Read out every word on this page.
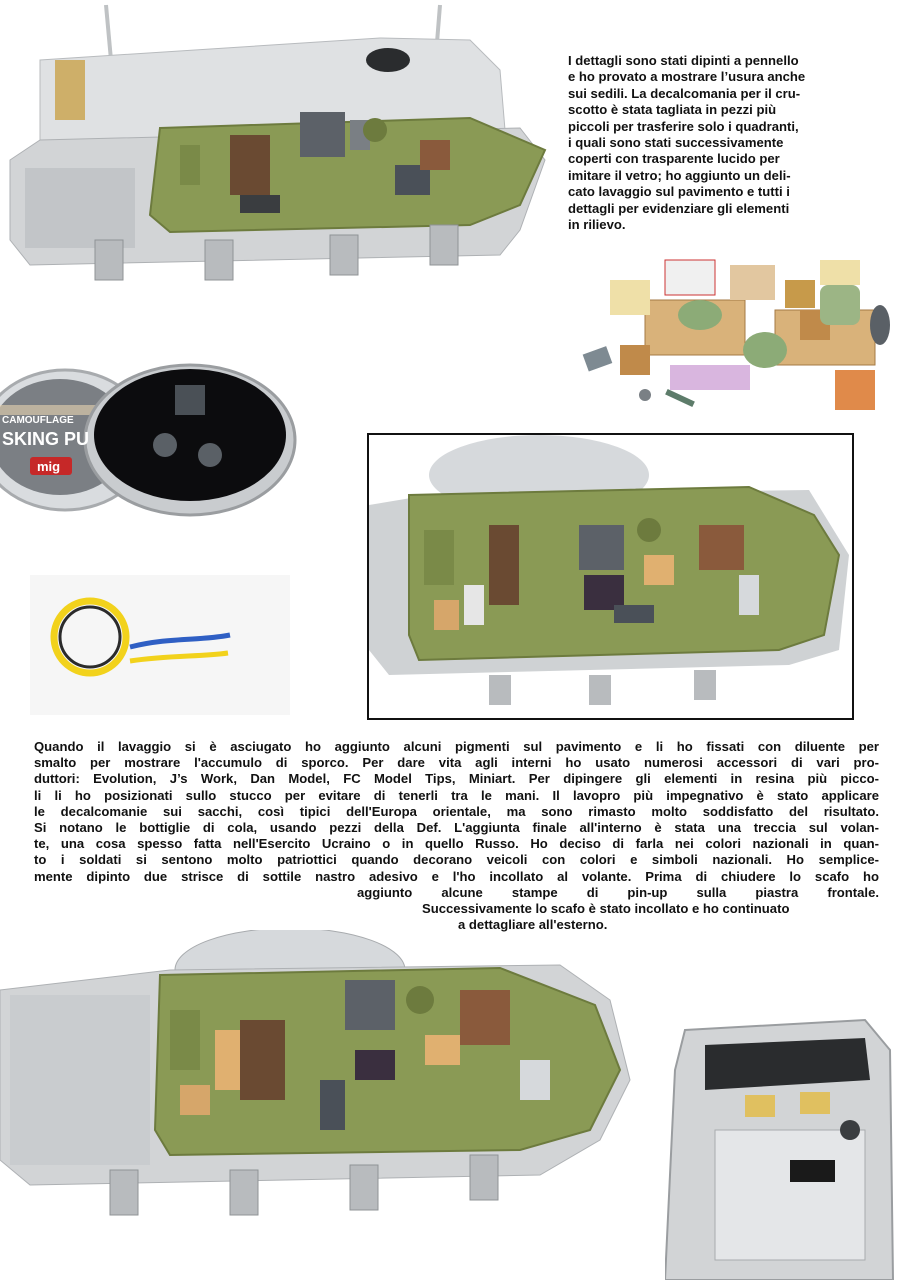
I dettagli sono stati dipinti a pennello
e ho provato a mostrare l’usura anche
sui sedili. La decalcomania per il cru-
scotto è stata tagliata in pezzi più
piccoli per trasferire solo i quadranti,
i quali sono stati successivamente
coperti con trasparente lucido per
imitare il vetro; ho aggiunto un deli-
cato lavaggio sul pavimento e tutti i
dettagli per evidenziare gli elementi
in rilievo.
CAMOUFLAGE
SKING PU
mig
Quando il lavaggio si è asciugato ho aggiunto alcuni pigmenti sul pavimento e li ho fissati con diluente per
smalto per mostrare l'accumulo di sporco. Per dare vita agli interni ho usato numerosi accessori di vari pro-
duttori: Evolution, J’s Work, Dan Model, FC Model Tips, Miniart. Per dipingere gli elementi in resina più picco-
li li ho posizionati sullo stucco per evitare di tenerli tra le mani. Il lavopro più impegnativo è stato applicare
le decalcomanie sui sacchi, così tipici dell'Europa orientale, ma sono rimasto molto soddisfatto del risultato.
Si notano le bottiglie di cola, usando pezzi della Def. L'aggiunta finale all'interno è stata una treccia sul volan-
te, una cosa spesso fatta nell'Esercito Ucraino o in quello Russo. Ho deciso di farla nei colori nazionali in quan-
to i soldati si sentono molto patriottici quando decorano veicoli con colori e simboli nazionali. Ho semplice-
mente dipinto due strisce di sottile nastro adesivo e l'ho incollato al volante. Prima di chiudere lo scafo ho
aggiunto alcune stampe di pin-up sulla piastra frontale.
Successivamente lo scafo è stato incollato e ho continuato
a dettagliare all'esterno.
